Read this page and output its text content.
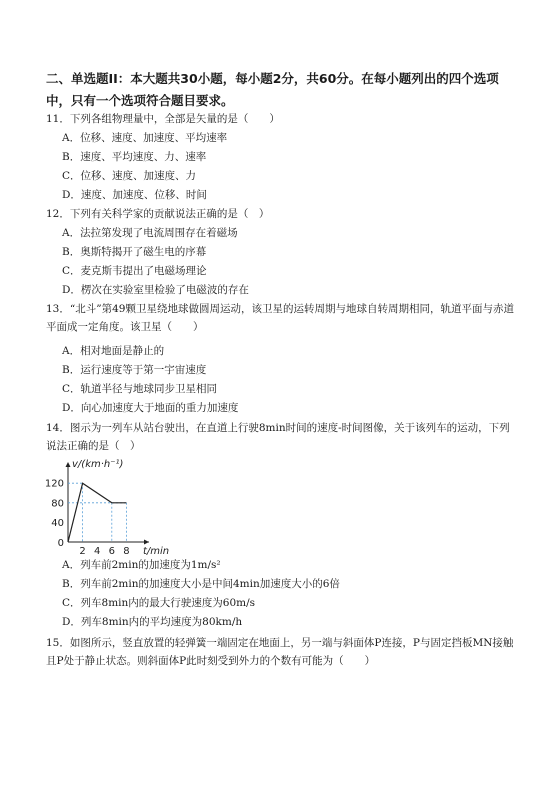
二、单选题II：本大题共30小题，每小题2分，共60分。在每小题列出的四个选项中，只有一个选项符合题目要求。
11．下列各组物理量中，全部是矢量的是（　　）
A．位移、速度、加速度、平均速率
B．速度、平均速度、力、速率
C．位移、速度、加速度、力
D．速度、加速度、位移、时间
12．下列有关科学家的贡献说法正确的是（　）
A．法拉第发现了电流周围存在着磁场
B．奥斯特揭开了磁生电的序幕
C．麦克斯韦提出了电磁场理论
D．楞次在实验室里检验了电磁波的存在
13．“北斗”第49颗卫星绕地球做圆周运动，该卫星的运转周期与地球自转周期相同，轨道平面与赤道平面成一定角度。该卫星（　　）
A．相对地面是静止的
B．运行速度等于第一宇宙速度
C．轨道半径与地球同步卫星相同
D．向心加速度大于地面的重力加速度
14．图示为一列车从站台驶出，在直道上行驶8min时间的速度-时间图像，关于该列车的运动，下列说法正确的是（　）
120
80
40
0
2 4 6 8
v/(km·h⁻¹)
t/min
A．列车前2min的加速度为1m/s²
B．列车前2min的加速度大小是中间4min加速度大小的6倍
C．列车8min内的最大行驶速度为60m/s
D．列车8min内的平均速度为80km/h
15．如图所示，竖直放置的轻弹簧一端固定在地面上，另一端与斜面体P连接，P与固定挡板MN接触且P处于静止状态。则斜面体P此时刻受到外力的个数有可能为（　　）
